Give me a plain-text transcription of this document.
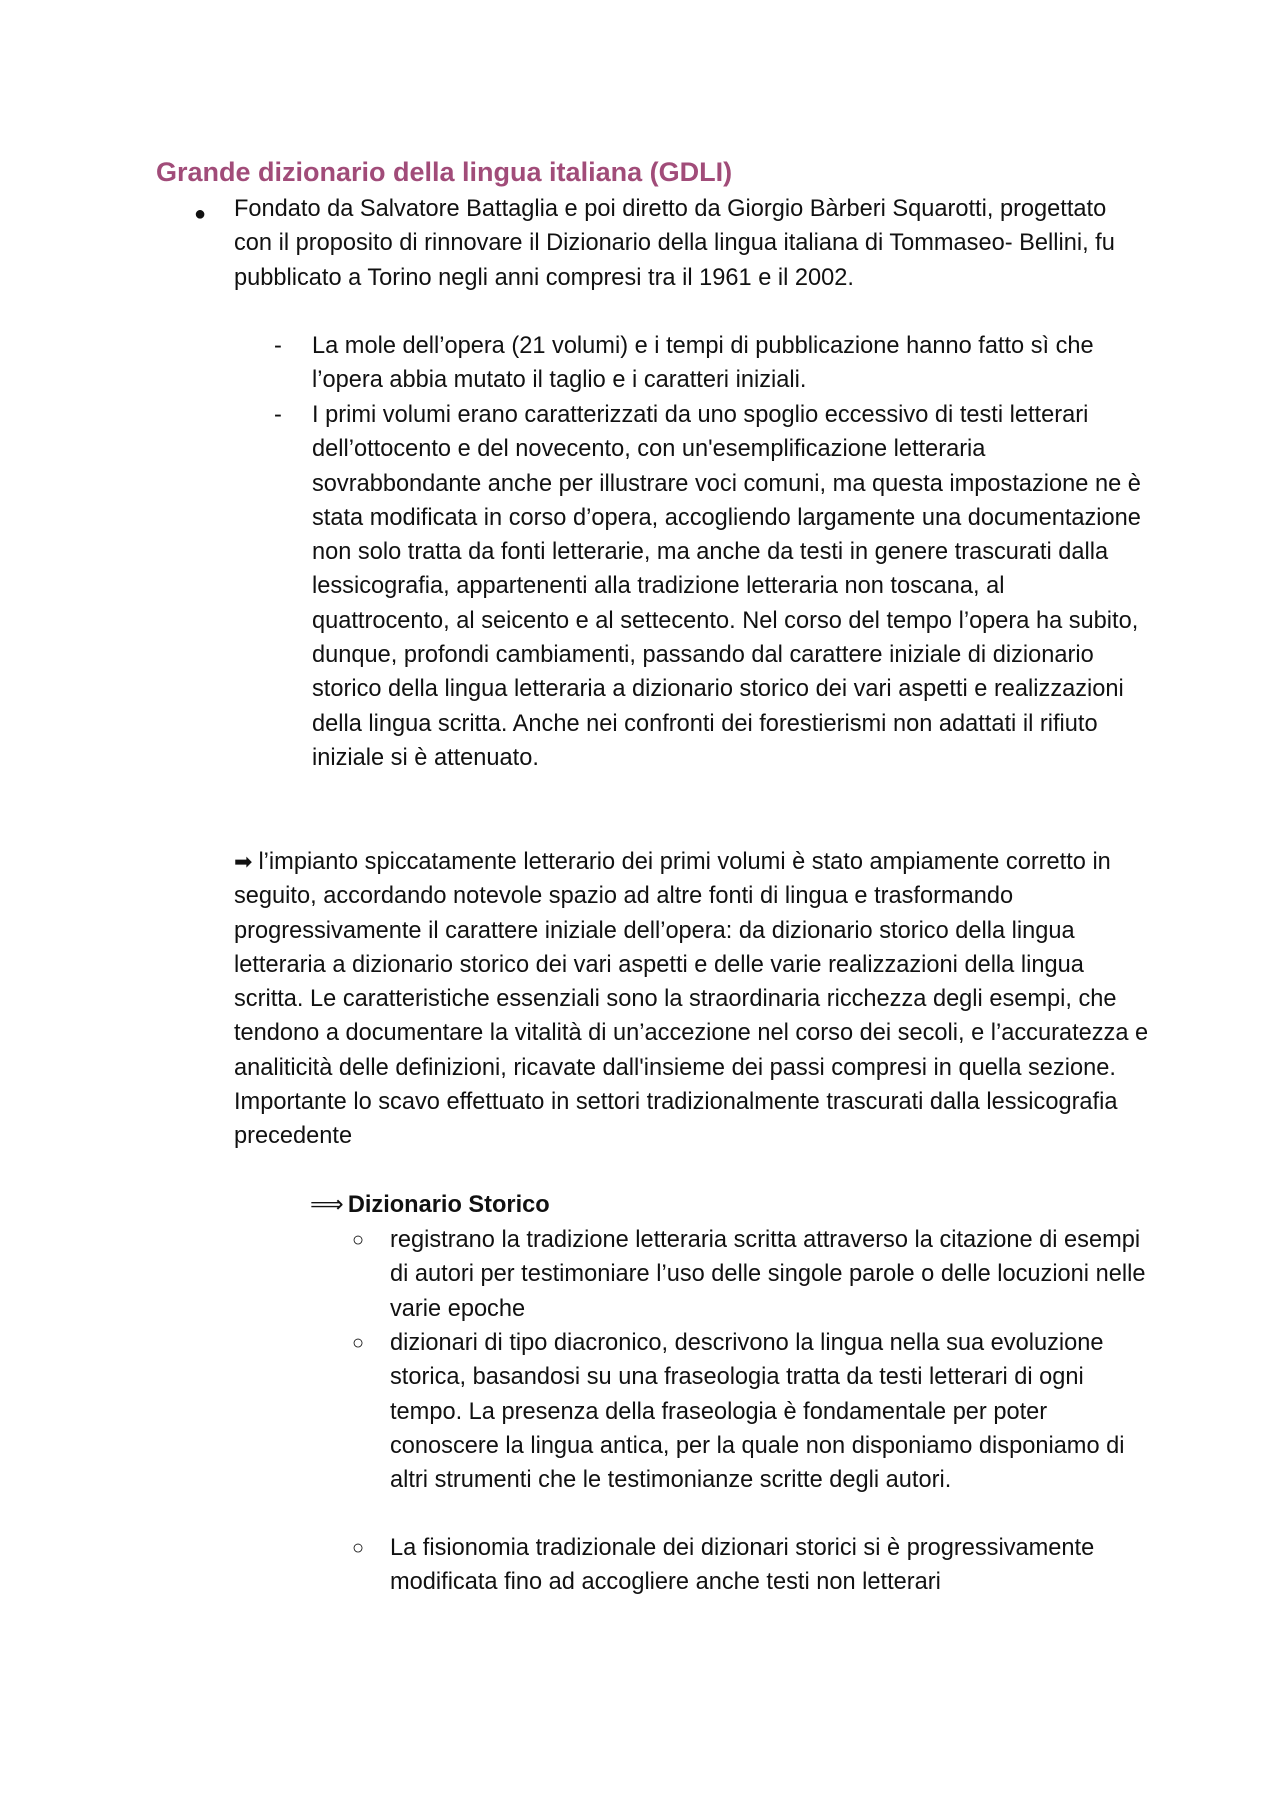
Grande dizionario della lingua italiana (GDLI)
● Fondato da Salvatore Battaglia e poi diretto da Giorgio Bàrberi Squarotti, progettato con il proposito di rinnovare il Dizionario della lingua italiana di Tommaseo- Bellini, fu pubblicato a Torino negli anni compresi tra il 1961 e il 2002.
- La mole dell’opera (21 volumi) e i tempi di pubblicazione hanno fatto sì che l’opera abbia mutato il taglio e i caratteri iniziali.
- I primi volumi erano caratterizzati da uno spoglio eccessivo di testi letterari dell’ottocento e del novecento, con un'esemplificazione letteraria sovrabbondante anche per illustrare voci comuni, ma questa impostazione ne è stata modificata in corso d’opera, accogliendo largamente una documentazione non solo tratta da fonti letterarie, ma anche da testi in genere trascurati dalla lessicografia, appartenenti alla tradizione letteraria non toscana, al quattrocento, al seicento e al settecento. Nel corso del tempo l’opera ha subito, dunque, profondi cambiamenti, passando dal carattere iniziale di dizionario storico della lingua letteraria a dizionario storico dei vari aspetti e realizzazioni della lingua scritta. Anche nei confronti dei forestierismi non adattati il rifiuto iniziale si è attenuato.
➡ l’impianto spiccatamente letterario dei primi volumi è stato ampiamente corretto in seguito, accordando notevole spazio ad altre fonti di lingua e trasformando progressivamente il carattere iniziale dell’opera: da dizionario storico della lingua letteraria a dizionario storico dei vari aspetti e delle varie realizzazioni della lingua scritta. Le caratteristiche essenziali sono la straordinaria ricchezza degli esempi, che tendono a documentare la vitalità di un’accezione nel corso dei secoli, e l’accuratezza e analiticità delle definizioni, ricavate dall'insieme dei passi compresi in quella sezione. Importante lo scavo effettuato in settori tradizionalmente trascurati dalla lessicografia precedente
⟹ Dizionario Storico
○ registrano la tradizione letteraria scritta attraverso la citazione di esempi di autori per testimoniare l’uso delle singole parole o delle locuzioni nelle varie epoche
○ dizionari di tipo diacronico, descrivono la lingua nella sua evoluzione storica, basandosi su una fraseologia tratta da testi letterari di ogni tempo. La presenza della fraseologia è fondamentale per poter conoscere la lingua antica, per la quale non disponiamo disponiamo di altri strumenti che le testimonianze scritte degli autori.
○ La fisionomia tradizionale dei dizionari storici si è progressivamente modificata fino ad accogliere anche testi non letterari
